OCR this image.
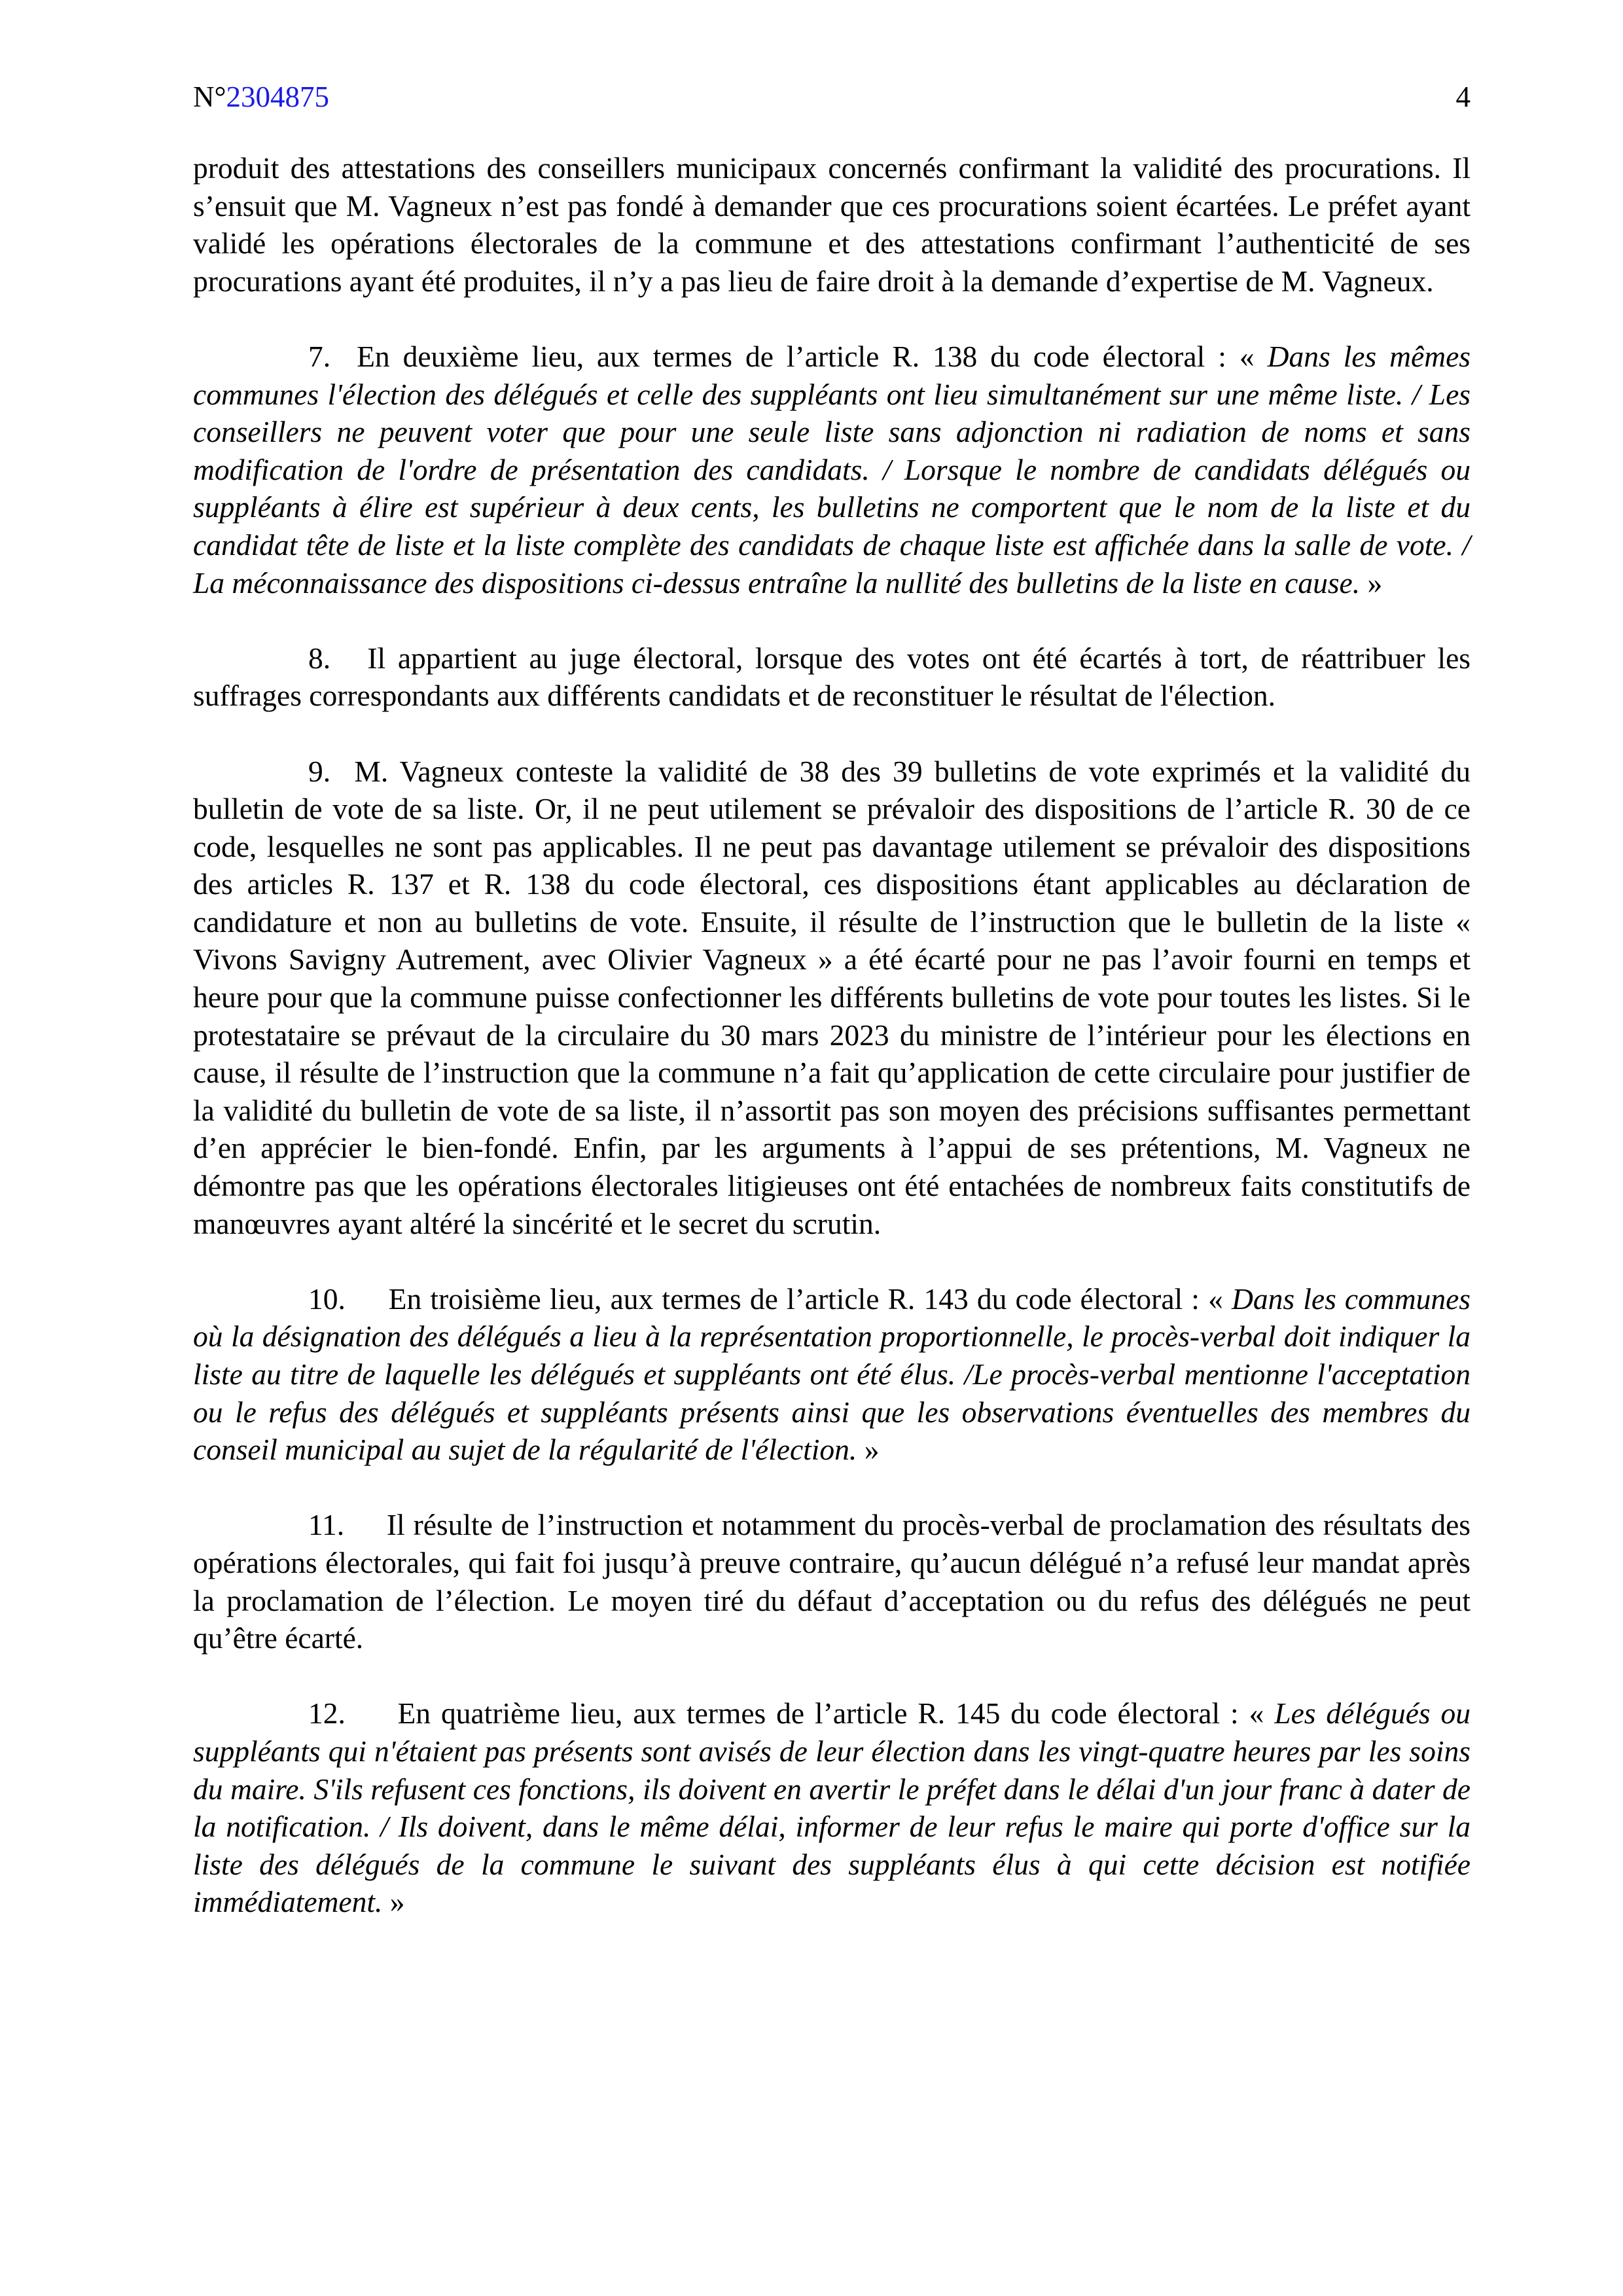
N°2304875	4

produit des attestations des conseillers municipaux concernés confirmant la validité des procurations. Il s’ensuit que M. Vagneux n’est pas fondé à demander que ces procurations soient écartées. Le préfet ayant validé les opérations électorales de la commune et des attestations confirmant l’authenticité de ses procurations ayant été produites, il n’y a pas lieu de faire droit à la demande d’expertise de M. Vagneux.

7. En deuxième lieu, aux termes de l’article R. 138 du code électoral : « Dans les mêmes communes l'élection des délégués et celle des suppléants ont lieu simultanément sur une même liste. / Les conseillers ne peuvent voter que pour une seule liste sans adjonction ni radiation de noms et sans modification de l'ordre de présentation des candidats. / Lorsque le nombre de candidats délégués ou suppléants à élire est supérieur à deux cents, les bulletins ne comportent que le nom de la liste et du candidat tête de liste et la liste complète des candidats de chaque liste est affichée dans la salle de vote. / La méconnaissance des dispositions ci-dessus entraîne la nullité des bulletins de la liste en cause. »

8. Il appartient au juge électoral, lorsque des votes ont été écartés à tort, de réattribuer les suffrages correspondants aux différents candidats et de reconstituer le résultat de l'élection.

9. M. Vagneux conteste la validité de 38 des 39 bulletins de vote exprimés et la validité du bulletin de vote de sa liste. Or, il ne peut utilement se prévaloir des dispositions de l’article R. 30 de ce code, lesquelles ne sont pas applicables. Il ne peut pas davantage utilement se prévaloir des dispositions des articles R. 137 et R. 138 du code électoral, ces dispositions étant applicables au déclaration de candidature et non au bulletins de vote. Ensuite, il résulte de l’instruction que le bulletin de la liste « Vivons Savigny Autrement, avec Olivier Vagneux » a été écarté pour ne pas l’avoir fourni en temps et heure pour que la commune puisse confectionner les différents bulletins de vote pour toutes les listes. Si le protestataire se prévaut de la circulaire du 30 mars 2023 du ministre de l’intérieur pour les élections en cause, il résulte de l’instruction que la commune n’a fait qu’application de cette circulaire pour justifier de la validité du bulletin de vote de sa liste, il n’assortit pas son moyen des précisions suffisantes permettant d’en apprécier le bien-fondé. Enfin, par les arguments à l’appui de ses prétentions, M. Vagneux ne démontre pas que les opérations électorales litigieuses ont été entachées de nombreux faits constitutifs de manœuvres ayant altéré la sincérité et le secret du scrutin.

10. En troisième lieu, aux termes de l’article R. 143 du code électoral : « Dans les communes où la désignation des délégués a lieu à la représentation proportionnelle, le procès-verbal doit indiquer la liste au titre de laquelle les délégués et suppléants ont été élus. /Le procès-verbal mentionne l'acceptation ou le refus des délégués et suppléants présents ainsi que les observations éventuelles des membres du conseil municipal au sujet de la régularité de l'élection. »

11. Il résulte de l’instruction et notamment du procès-verbal de proclamation des résultats des opérations électorales, qui fait foi jusqu’à preuve contraire, qu’aucun délégué n’a refusé leur mandat après la proclamation de l’élection. Le moyen tiré du défaut d’acceptation ou du refus des délégués ne peut qu’être écarté.

12. En quatrième lieu, aux termes de l’article R. 145 du code électoral : « Les délégués ou suppléants qui n'étaient pas présents sont avisés de leur élection dans les vingt-quatre heures par les soins du maire. S'ils refusent ces fonctions, ils doivent en avertir le préfet dans le délai d'un jour franc à dater de la notification. / Ils doivent, dans le même délai, informer de leur refus le maire qui porte d'office sur la liste des délégués de la commune le suivant des suppléants élus à qui cette décision est notifiée immédiatement. »
